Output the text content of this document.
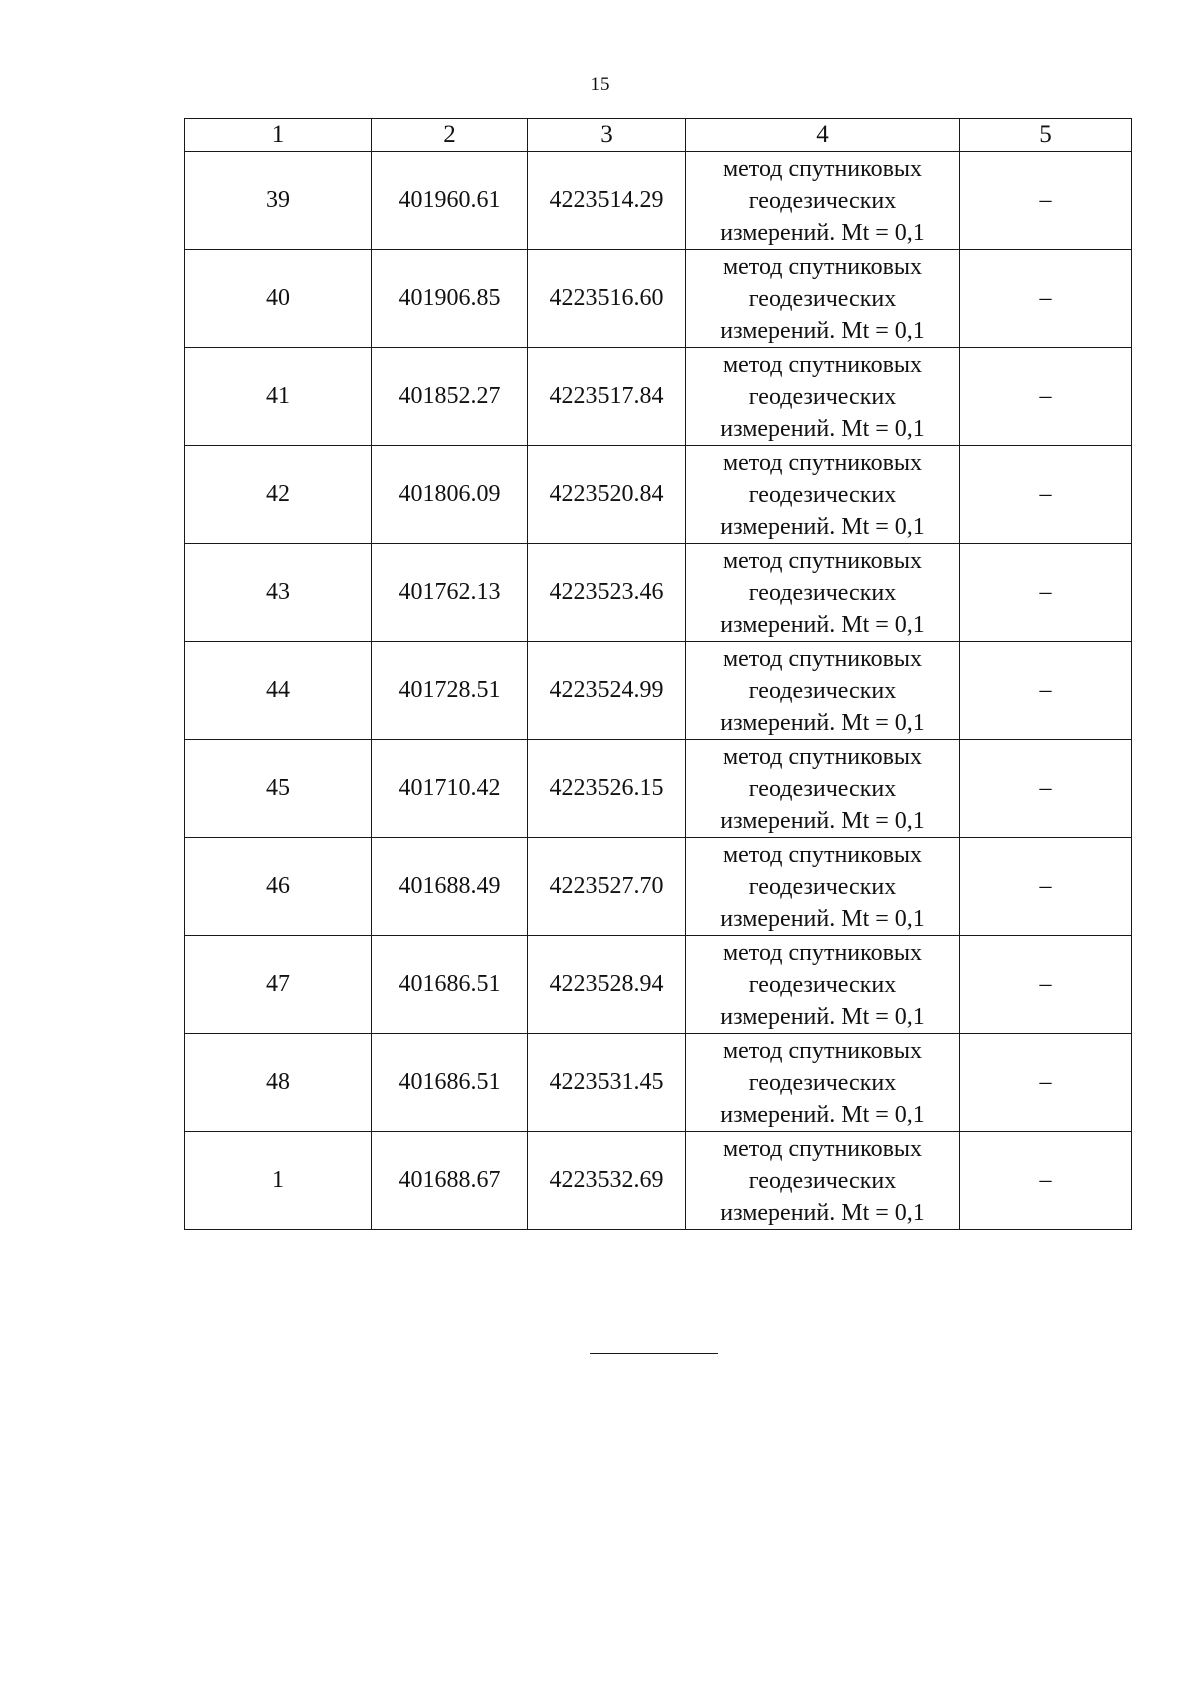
15
1	2	3	4	5
39	401960.61	4223514.29	метод спутниковых
геодезических
измерений. Mt = 0,1	–
40	401906.85	4223516.60	метод спутниковых
геодезических
измерений. Mt = 0,1	–
41	401852.27	4223517.84	метод спутниковых
геодезических
измерений. Mt = 0,1	–
42	401806.09	4223520.84	метод спутниковых
геодезических
измерений. Mt = 0,1	–
43	401762.13	4223523.46	метод спутниковых
геодезических
измерений. Mt = 0,1	–
44	401728.51	4223524.99	метод спутниковых
геодезических
измерений. Mt = 0,1	–
45	401710.42	4223526.15	метод спутниковых
геодезических
измерений. Mt = 0,1	–
46	401688.49	4223527.70	метод спутниковых
геодезических
измерений. Mt = 0,1	–
47	401686.51	4223528.94	метод спутниковых
геодезических
измерений. Mt = 0,1	–
48	401686.51	4223531.45	метод спутниковых
геодезических
измерений. Mt = 0,1	–
1	401688.67	4223532.69	метод спутниковых
геодезических
измерений. Mt = 0,1	–
